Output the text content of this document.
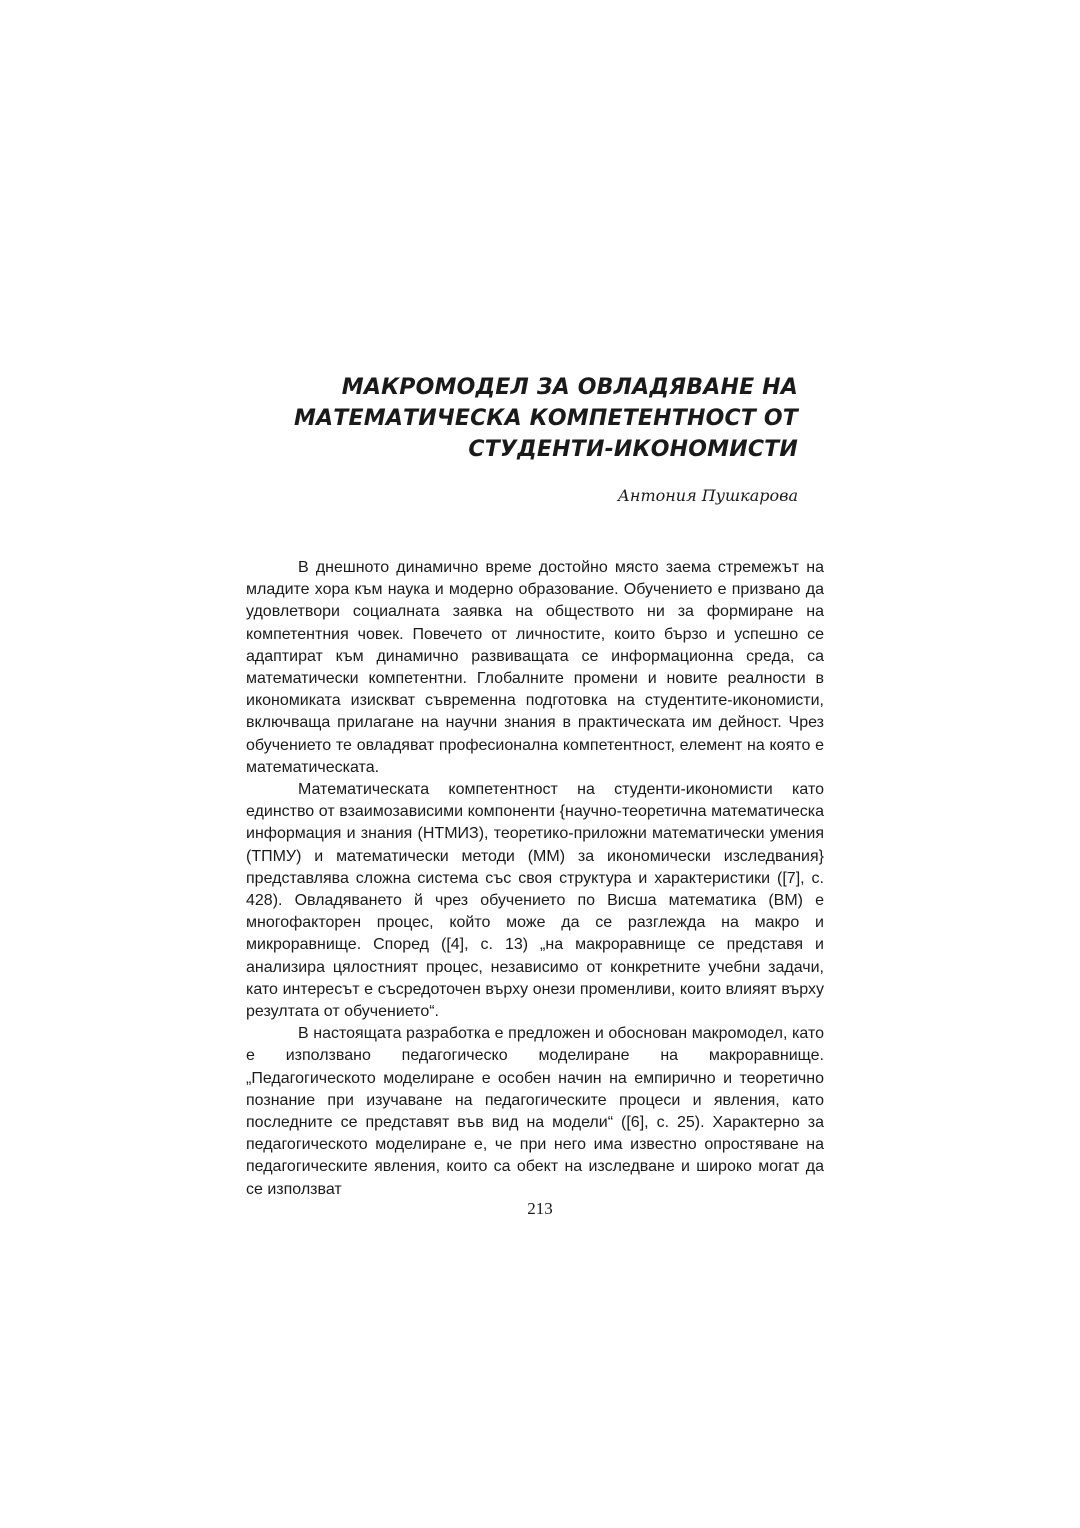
МАКРОМОДЕЛ ЗА ОВЛАДЯВАНЕ НА
МАТЕМАТИЧЕСКА КОМПЕТЕНТНОСТ ОТ
СТУДЕНТИ-ИКОНОМИСТИ
Антония Пушкарова

В днешното динамично време достойно място заема стремежът на младите хора към наука и модерно образование. Обучението е призвано да удовлетвори социалната заявка на обществото ни за формиране на компетентния човек. Повечето от личностите, които бързо и успешно се адаптират към динамично развиващата се информационна среда, са математически компетентни. Глобалните промени и новите реалности в икономиката изискват съвременна подготовка на студентите-икономисти, включваща прилагане на научни знания в практическата им дейност. Чрез обучението те овладяват професионална компетентност, елемент на която е математическата.

Математическата компетентност на студенти-икономисти като единство от взаимозависими компоненти {научно-теоретична математическа информация и знания (НТМИЗ), теоретико-приложни математически умения (ТПМУ) и математически методи (ММ) за икономически изследвания} представлява сложна система със своя структура и характеристики ([7], с. 428). Овладяването й чрез обучението по Висша математика (ВМ) е многофакторен процес, който може да се разглежда на макро и микроравнище. Според ([4], с. 13) „на макроравнище се представя и анализира цялостният процес, независимо от конкретните учебни задачи, като интересът е съсредоточен върху онези променливи, които влияят върху резултата от обучението“.

В настоящата разработка е предложен и обоснован макромодел, като е използвано педагогическо моделиране на макроравнище. „Педагогическото моделиране е особен начин на емпирично и теоретично познание при изучаване на педагогическите процеси и явления, като последните се представят във вид на модели“ ([6], с. 25). Характерно за педагогическото моделиране е, че при него има известно опростяване на педагогическите явления, които са обект на изследване и широко могат да се използват

213
